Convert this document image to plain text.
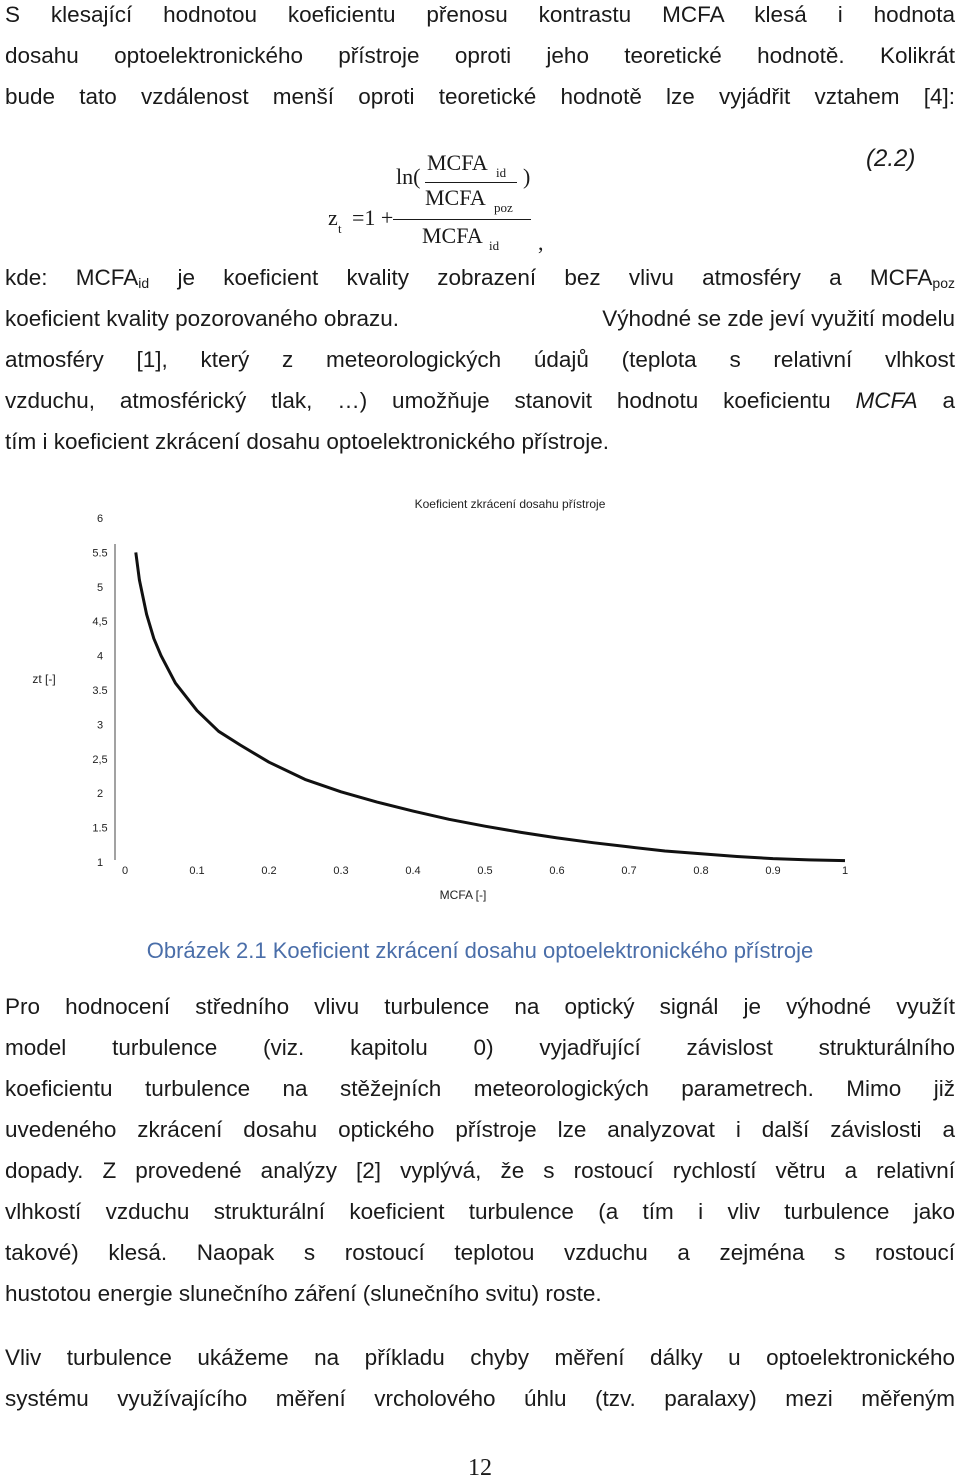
S klesající hodnotou koeficientu přenosu kontrastu MCFA klesá i hodnota
dosahu optoelektronického přístroje oproti jeho teoretické hodnotě. Kolikrát
bude tato vzdálenost menší oproti teoretické hodnotě lze vyjádřit vztahem [4]:
ln(
MCFA id )
MCFA poz
z t =1 +
MCFA id ,
(2.2)
kde: $MCFA_{id}$ je koeficient kvality zobrazení bez vlivu atmosféry a $MCFA_{poz}$
koeficient kvality pozorovaného obrazu.	Výhodné se zde jeví využití modelu
atmosféry [1], který z meteorologických údajů (teplota s relativní vlhkost
vzduchu, atmosférický tlak, …) umožňuje stanovit hodnotu koeficientu MCFA a
tím i koeficient zkrácení dosahu optoelektronického přístroje.
Koeficient zkrácení dosahu přístroje
zt [-]
MCFA [-]
6
5.5
5
4,5
4
3.5
3
2,5
2
1.5
1
0	0.1	0.2	0.3	0.4	0.5	0.6	0.7	0.8	0.9	1
Obrázek 2.1 Koeficient zkrácení dosahu optoelektronického přístroje
Pro hodnocení středního vlivu turbulence na optický signál je výhodné využít
model turbulence (viz. kapitolu 0) vyjadřující závislost strukturálního
koeficientu turbulence na stěžejních meteorologických parametrech. Mimo již
uvedeného zkrácení dosahu optického přístroje lze analyzovat i další závislosti a
dopady. Z provedené analýzy [2] vyplývá, že s rostoucí rychlostí větru a relativní
vlhkostí vzduchu strukturální koeficient turbulence (a tím i vliv turbulence jako
takové) klesá. Naopak s rostoucí teplotou vzduchu a zejména s rostoucí
hustotou energie slunečního záření (slunečního svitu) roste.
Vliv turbulence ukážeme na příkladu chyby měření dálky u optoelektronického
systému využívajícího měření vrcholového úhlu (tzv. paralaxy) mezi měřeným
12
